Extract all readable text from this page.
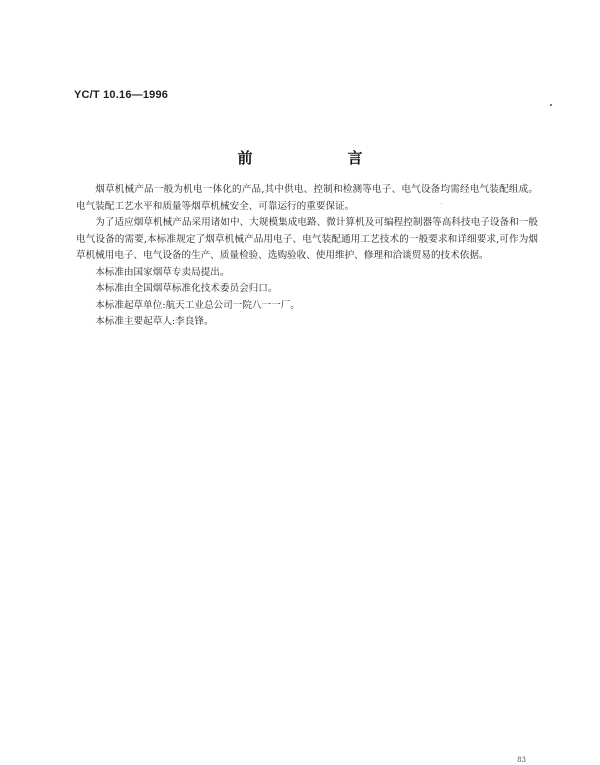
YC/T 10.16—1996
前　言

烟草机械产品一般为机电一体化的产品,其中供电、控制和检测等电子、电气设备均需经电气装配组成。电气装配工艺水平和质量等烟草机械安全、可靠运行的重要保证。

为了适应烟草机械产品采用诸如中、大规模集成电路、微计算机及可编程控制器等高科技电子设备和一般电气设备的需要,本标准规定了烟草机械产品用电子、电气装配通用工艺技术的一般要求和详细要求,可作为烟草机械用电子、电气设备的生产、质量检验、选购验收、使用维护、修理和洽谈贸易的技术依据。

本标准由国家烟草专卖局提出。

本标准由全国烟草标准化技术委员会归口。

本标准起草单位:航天工业总公司一院八一一厂。

本标准主要起草人:李良锋。

83
